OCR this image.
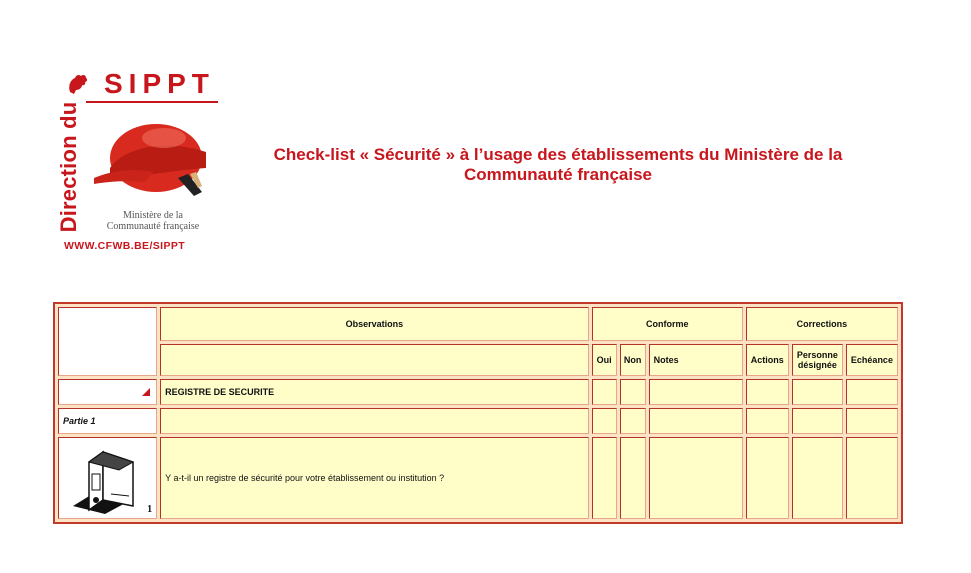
SIPPT
Direction du	Ministère de la
Communauté française
WWW.CFWB.BE/SIPPT
Check-list « Sécurité » à l’usage des établissements du Ministère de la Communauté française
	Observations	Conforme			Corrections		
		Oui	Non	Notes	Actions	Personne désignée	Echéance

	REGISTRE DE SECURITE						
Partie 1							

1	Y a-t-il un registre de sécurité pour votre établissement ou institution ?						
